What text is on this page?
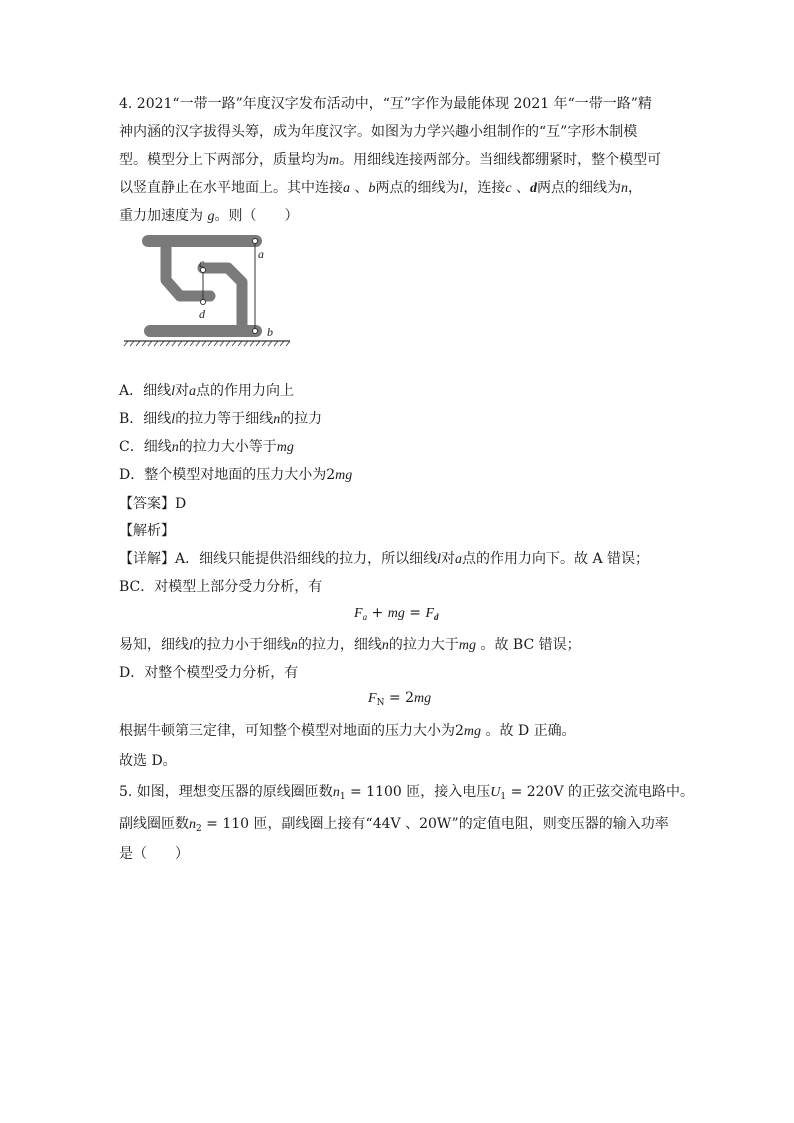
4. 2021“一带一路”年度汉字发布活动中，“互”字作为最能体现 2021 年“一带一路”精
神内涵的汉字拔得头筹，成为年度汉字。如图为力学兴趣小组制作的“互”字形木制模
型。模型分上下两部分，质量均为m。用细线连接两部分。当细线都绷紧时，整个模型可
以竖直静止在水平地面上。其中连接a 、b两点的细线为l，连接c 、d两点的细线为n，
重力加速度为 g。则（　　）
a
b
c
d
A．细线l对a点的作用力向上
B．细线l的拉力等于细线n的拉力
C．细线n的拉力大小等于mg
D．整个模型对地面的压力大小为2mg
【答案】D
【解析】
【详解】A．细线只能提供沿细线的拉力，所以细线l对a点的作用力向下。故 A 错误；
BC．对模型上部分受力分析，有
$F_a$ + mg = $F_d$
易知，细线l的拉力小于细线n的拉力，细线n的拉力大于mg 。故 BC 错误；
D．对整个模型受力分析，有
$F_N = 2mg$
根据牛顿第三定律，可知整个模型对地面的压力大小为2mg 。故 D 正确。
故选 D。
5. 如图，理想变压器的原线圈匝数$n_1 = 1100$ 匝，接入电压$U_1 = 220V$ 的正弦交流电路中。
副线圈匝数$n_2 = 110$ 匝，副线圈上接有“44V 、20W”的定值电阻，则变压器的输入功率
是（　　）
